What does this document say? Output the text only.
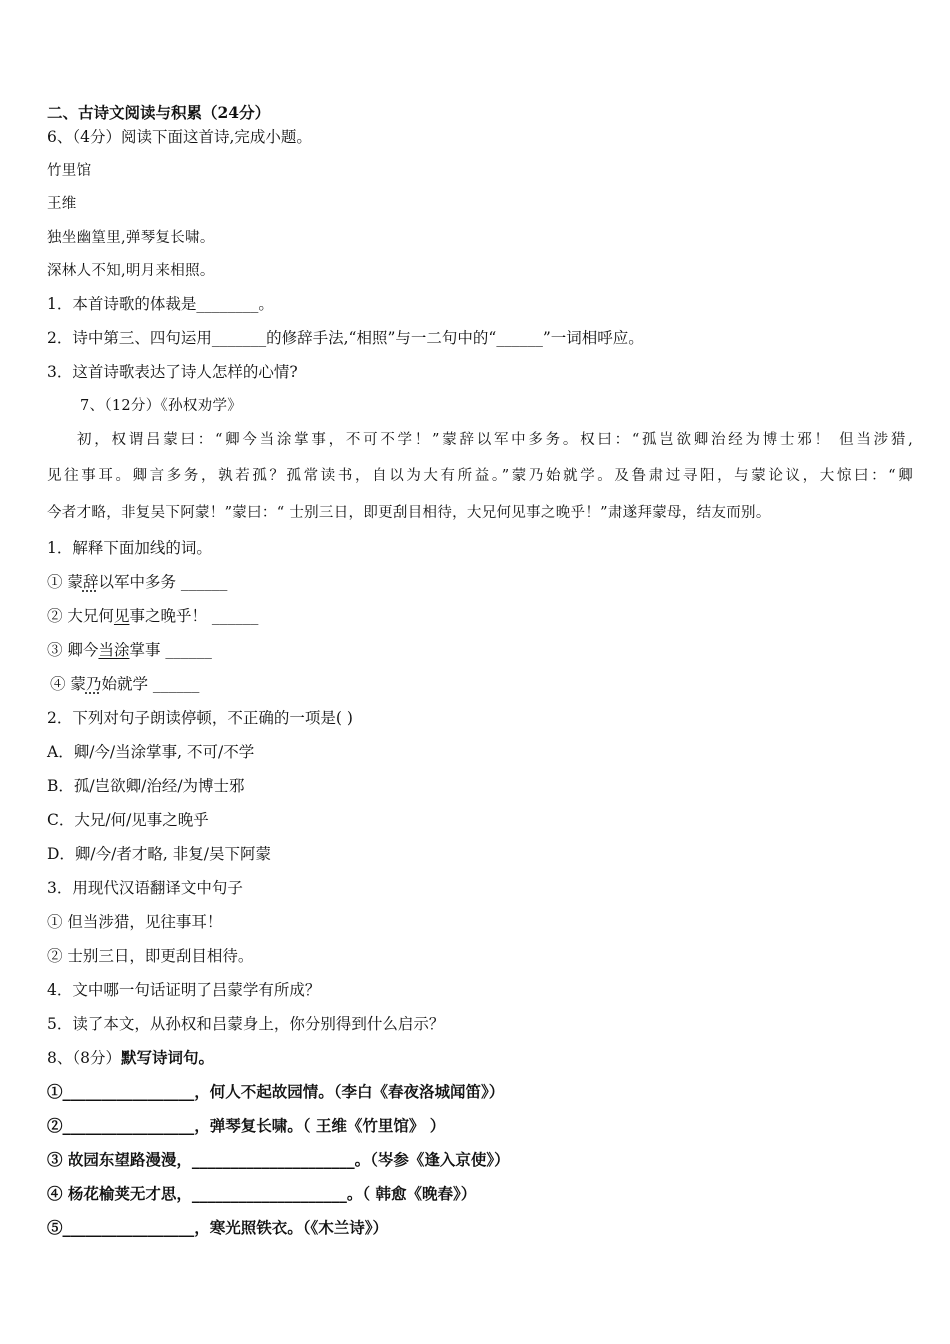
二、古诗文阅读与积累（24分）
6、（4分）阅读下面这首诗,完成小题。
竹里馆
王维
独坐幽篁里,弹琴复长啸。
深林人不知,明月来相照。
1．本首诗歌的体裁是________。
2．诗中第三、四句运用_______的修辞手法,“相照”与一二句中的“______”一词相呼应。
3．这首诗歌表达了诗人怎样的心情?
7、（12分）《孙权劝学》
初，权谓吕蒙曰：“卿今当涂掌事，不可不学！”蒙辞以军中多务。权曰：“孤岂欲卿治经为博士邪！ 但当涉猎,
见往事耳。卿言多务，孰若孤？孤常读书，自以为大有所益。”蒙乃始就学。及鲁肃过寻阳，与蒙论议，大惊曰：“卿
今者才略，非复吴下阿蒙！”蒙曰：“ 士别三日，即更刮目相待，大兄何见事之晚乎！”肃遂拜蒙母，结友而别。
1．解释下面加线的词。
① 蒙辞以军中多务 ______
② 大兄何见事之晚乎！ ______
③ 卿今当涂掌事 ______
④ 蒙乃始就学 ______
2．下列对句子朗读停顿，不正确的一项是( )
A．卿/今/当涂掌事, 不可/不学
B．孤/岂欲卿/治经/为博士邪
C．大兄/何/见事之晚乎
D．卿/今/者才略, 非复/吴下阿蒙
3．用现代汉语翻译文中句子
① 但当涉猎，见往事耳！
② 士别三日，即更刮目相待。
4．文中哪一句话证明了吕蒙学有所成？
5．读了本文，从孙权和吕蒙身上，你分别得到什么启示？
8、（8分）默写诗词句。
①_________________，何人不起故园情。（李白《春夜洛城闻笛》）
②_________________，弹琴复长啸。（ 王维《竹里馆》 ）
③ 故园东望路漫漫，_____________________。（岑参《逢入京使》）
④ 杨花榆荚无才思，____________________。（ 韩愈《晚春》）
⑤_________________，寒光照铁衣。（《木兰诗》）
